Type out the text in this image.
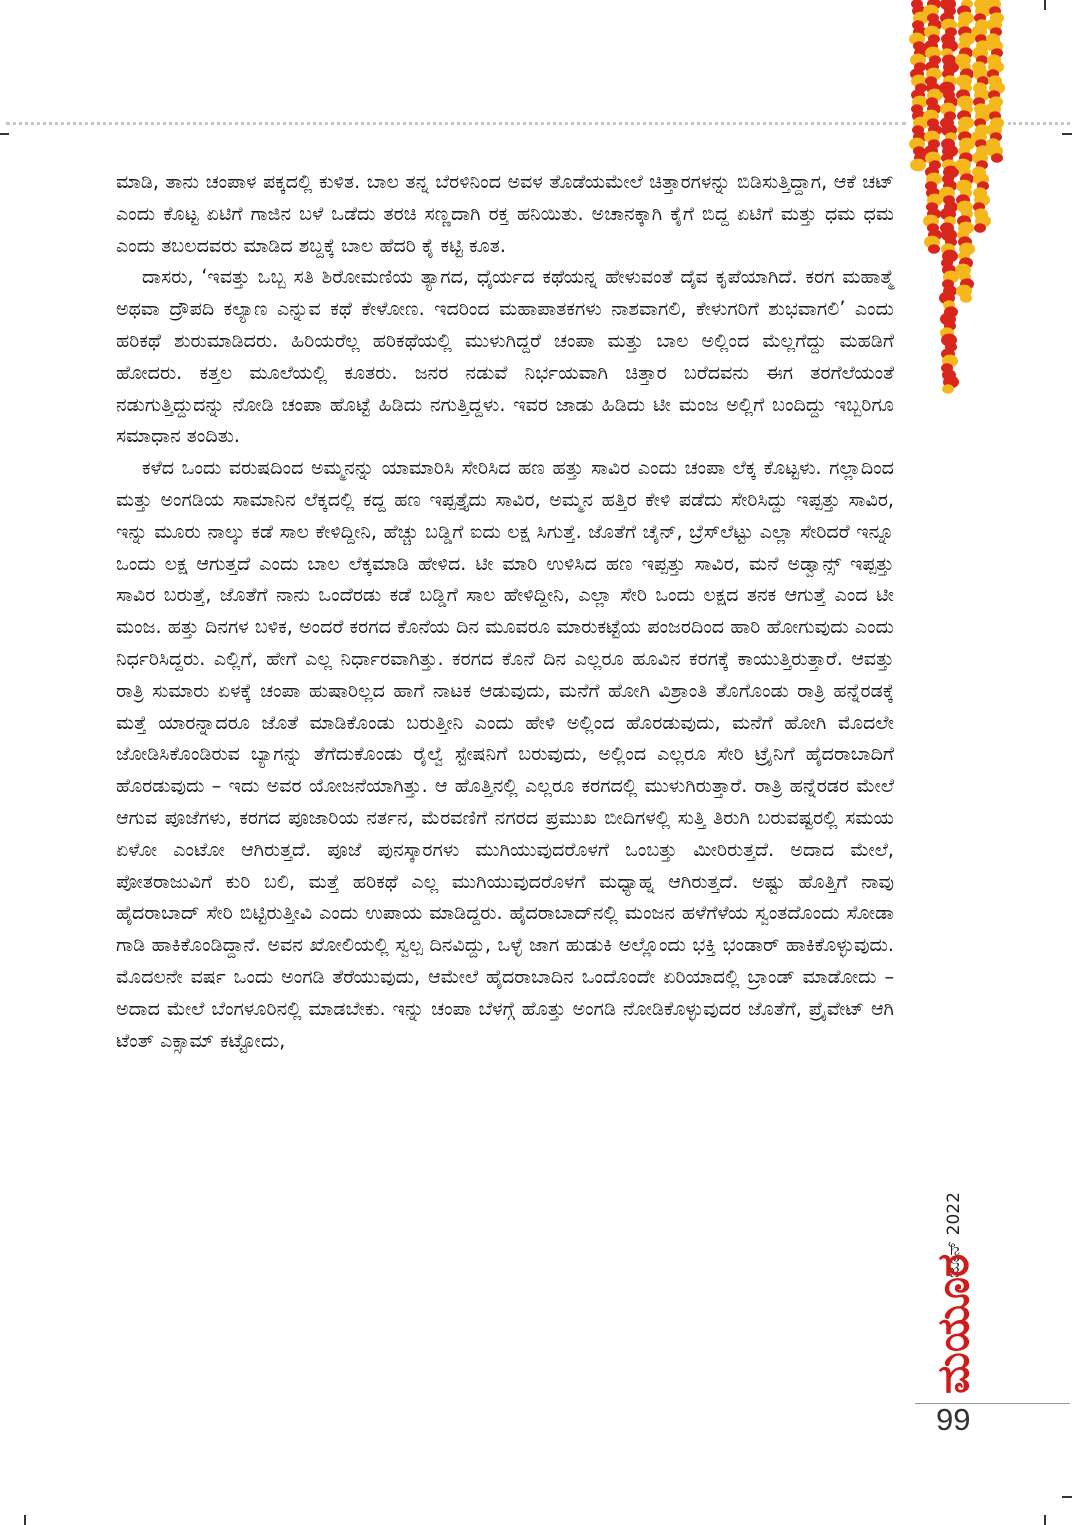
ಮಾಡಿ, ತಾನು ಚಂಪಾಳ ಪಕ್ಕದಲ್ಲಿ ಕುಳಿತ. ಬಾಲ ತನ್ನ ಬೆರಳಿನಿಂದ ಅವಳ ತೊಡೆಯಮೇಲೆ ಚಿತ್ತಾರಗಳನ್ನು ಬಿಡಿಸುತ್ತಿದ್ದಾಗ, ಆಕೆ ಚಟ್ ಎಂದು ಕೊಟ್ಟ ಏಟಿಗೆ ಗಾಜಿನ ಬಳೆ ಒಡೆದು ತರಚಿ ಸಣ್ಣದಾಗಿ ರಕ್ತ ಹನಿಯಿತು. ಅಚಾನಕ್ಕಾಗಿ ಕೈಗೆ ಬಿದ್ದ ಏಟಿಗೆ ಮತ್ತು ಧಮ ಧಮ ಎಂದು ತಬಲದವರು ಮಾಡಿದ ಶಬ್ದಕ್ಕೆ ಬಾಲ ಹೆದರಿ ಕೈ ಕಟ್ಟಿ ಕೂತ.

ದಾಸರು, ‘ಇವತ್ತು ಒಬ್ಬ ಸತಿ ಶಿರೋಮಣಿಯ ತ್ಯಾಗದ, ಧೈರ್ಯದ ಕಥೆಯನ್ನ ಹೇಳುವಂತೆ ದೈವ ಕೃಪೆಯಾಗಿದೆ. ಕರಗ ಮಹಾತ್ಮೆ ಅಥವಾ ದ್ರೌಪದಿ ಕಲ್ಯಾಣ ಎನ್ನುವ ಕಥೆ ಕೇಳೋಣ. ಇದರಿಂದ ಮಹಾಪಾತಕಗಳು ನಾಶವಾಗಲಿ, ಕೇಳುಗರಿಗೆ ಶುಭವಾಗಲಿ’ ಎಂದು ಹರಿಕಥೆ ಶುರುಮಾಡಿದರು. ಹಿರಿಯರೆಲ್ಲ ಹರಿಕಥೆಯಲ್ಲಿ ಮುಳುಗಿದ್ದರೆ ಚಂಪಾ ಮತ್ತು ಬಾಲ ಅಲ್ಲಿಂದ ಮೆಲ್ಲಗೆದ್ದು ಮಹಡಿಗೆ ಹೋದರು. ಕತ್ತಲ ಮೂಲೆಯಲ್ಲಿ ಕೂತರು. ಜನರ ನಡುವೆ ನಿರ್ಭಯವಾಗಿ ಚಿತ್ತಾರ ಬರೆದವನು ಈಗ ತರಗೆಲೆಯಂತೆ ನಡುಗುತ್ತಿದ್ದುದನ್ನು ನೋಡಿ ಚಂಪಾ ಹೊಟ್ಟೆ ಹಿಡಿದು ನಗುತ್ತಿದ್ದಳು. ಇವರ ಜಾಡು ಹಿಡಿದು ಟೀ ಮಂಜ ಅಲ್ಲಿಗೆ ಬಂದಿದ್ದು ಇಬ್ಬರಿಗೂ ಸಮಾಧಾನ ತಂದಿತು.

ಕಳೆದ ಒಂದು ವರುಷದಿಂದ ಅಮ್ಮನನ್ನು ಯಾಮಾರಿಸಿ ಸೇರಿಸಿದ ಹಣ ಹತ್ತು ಸಾವಿರ ಎಂದು ಚಂಪಾ ಲೆಕ್ಕ ಕೊಟ್ಟಳು. ಗಲ್ಲಾದಿಂದ ಮತ್ತು ಅಂಗಡಿಯ ಸಾಮಾನಿನ ಲೆಕ್ಕದಲ್ಲಿ ಕದ್ದ ಹಣ ಇಪ್ಪತ್ತೈದು ಸಾವಿರ, ಅಮ್ಮನ ಹತ್ತಿರ ಕೇಳಿ ಪಡೆದು ಸೇರಿಸಿದ್ದು ಇಪ್ಪತ್ತು ಸಾವಿರ, ಇನ್ನು ಮೂರು ನಾಲ್ಕು ಕಡೆ ಸಾಲ ಕೇಳಿದ್ದೀನಿ, ಹೆಚ್ಚು ಬಡ್ಡಿಗೆ ಐದು ಲಕ್ಷ ಸಿಗುತ್ತೆ. ಜೊತೆಗೆ ಚೈನ್, ಬ್ರೆಸ್‌ಲೆಟ್ಟು ಎಲ್ಲಾ ಸೇರಿದರೆ ಇನ್ನೂ ಒಂದು ಲಕ್ಷ ಆಗುತ್ತದೆ ಎಂದು ಬಾಲ ಲೆಕ್ಕಮಾಡಿ ಹೇಳಿದ. ಟೀ ಮಾರಿ ಉಳಿಸಿದ ಹಣ ಇಪ್ಪತ್ತು ಸಾವಿರ, ಮನೆ ಅಡ್ವಾನ್ಸ್ ಇಪ್ಪತ್ತು ಸಾವಿರ ಬರುತ್ತೆ, ಜೊತೆಗೆ ನಾನು ಒಂದೆರಡು ಕಡೆ ಬಡ್ಡಿಗೆ ಸಾಲ ಹೇಳಿದ್ದೀನಿ, ಎಲ್ಲಾ ಸೇರಿ ಒಂದು ಲಕ್ಷದ ತನಕ ಆಗುತ್ತೆ ಎಂದ ಟೀ ಮಂಜ. ಹತ್ತು ದಿನಗಳ ಬಳಿಕ, ಅಂದರೆ ಕರಗದ ಕೊನೆಯ ದಿನ ಮೂವರೂ ಮಾರುಕಟ್ಟೆಯ ಪಂಜರದಿಂದ ಹಾರಿ ಹೋಗುವುದು ಎಂದು ನಿರ್ಧರಿಸಿದ್ದರು. ಎಲ್ಲಿಗೆ, ಹೇಗೆ ಎಲ್ಲ ನಿರ್ಧಾರವಾಗಿತ್ತು. ಕರಗದ ಕೊನೆ ದಿನ ಎಲ್ಲರೂ ಹೂವಿನ ಕರಗಕ್ಕೆ ಕಾಯುತ್ತಿರುತ್ತಾರೆ. ಆವತ್ತು ರಾತ್ರಿ ಸುಮಾರು ಏಳಕ್ಕೆ ಚಂಪಾ ಹುಷಾರಿಲ್ಲದ ಹಾಗೆ ನಾಟಕ ಆಡುವುದು, ಮನೆಗೆ ಹೋಗಿ ವಿಶ್ರಾಂತಿ ತೊಗೊಂಡು ರಾತ್ರಿ ಹನ್ನೆರಡಕ್ಕೆ ಮತ್ತೆ ಯಾರನ್ನಾದರೂ ಜೊತೆ ಮಾಡಿಕೊಂಡು ಬರುತ್ತೀನಿ ಎಂದು ಹೇಳಿ ಅಲ್ಲಿಂದ ಹೊರಡುವುದು, ಮನೆಗೆ ಹೋಗಿ ಮೊದಲೇ ಜೋಡಿಸಿಕೊಂಡಿರುವ ಬ್ಯಾಗನ್ನು ತೆಗೆದುಕೊಂಡು ರೈಲ್ವೆ ಸ್ಟೇಷನಿಗೆ ಬರುವುದು, ಅಲ್ಲಿಂದ ಎಲ್ಲರೂ ಸೇರಿ ಟ್ರೈನಿಗೆ ಹೈದರಾಬಾದಿಗೆ ಹೊರಡುವುದು – ಇದು ಅವರ ಯೋಜನೆಯಾಗಿತ್ತು. ಆ ಹೊತ್ತಿನಲ್ಲಿ ಎಲ್ಲರೂ ಕರಗದಲ್ಲಿ ಮುಳುಗಿರುತ್ತಾರೆ. ರಾತ್ರಿ ಹನ್ನೆರಡರ ಮೇಲೆ ಆಗುವ ಪೂಜೆಗಳು, ಕರಗದ ಪೂಜಾರಿಯ ನರ್ತನ, ಮೆರವಣಿಗೆ ನಗರದ ಪ್ರಮುಖ ಬೀದಿಗಳಲ್ಲಿ ಸುತ್ತಿ ತಿರುಗಿ ಬರುವಷ್ಟರಲ್ಲಿ ಸಮಯ ಏಳೋ ಎಂಟೋ ಆಗಿರುತ್ತದೆ. ಪೂಜೆ ಪುನಸ್ಕಾರಗಳು ಮುಗಿಯುವುದರೊಳಗೆ ಒಂಬತ್ತು ಮೀರಿರುತ್ತದೆ. ಅದಾದ ಮೇಲೆ, ಪೋತರಾಜುವಿಗೆ ಕುರಿ ಬಲಿ, ಮತ್ತೆ ಹರಿಕಥೆ ಎಲ್ಲ ಮುಗಿಯುವುದರೊಳಗೆ ಮಧ್ಯಾಹ್ನ ಆಗಿರುತ್ತದೆ. ಅಷ್ಟು ಹೊತ್ತಿಗೆ ನಾವು ಹೈದರಾಬಾದ್ ಸೇರಿ ಬಿಟ್ಟಿರುತ್ತೀವಿ ಎಂದು ಉಪಾಯ ಮಾಡಿದ್ದರು. ಹೈದರಾಬಾದ್‌ನಲ್ಲಿ ಮಂಜನ ಹಳೆಗೆಳೆಯ ಸ್ವಂತದೊಂದು ಸೋಡಾ ಗಾಡಿ ಹಾಕಿಕೊಂಡಿದ್ದಾನೆ. ಅವನ ಖೋಲಿಯಲ್ಲಿ ಸ್ವಲ್ಪ ದಿನವಿದ್ದು, ಒಳ್ಳೆ ಜಾಗ ಹುಡುಕಿ ಅಲ್ಲೊಂದು ಭಕ್ತಿ ಭಂಡಾರ್ ಹಾಕಿಕೊಳ್ಳುವುದು. ಮೊದಲನೇ ವರ್ಷ ಒಂದು ಅಂಗಡಿ ತೆರೆಯುವುದು, ಆಮೇಲೆ ಹೈದರಾಬಾದಿನ ಒಂದೊಂದೇ ಏರಿಯಾದಲ್ಲಿ ಬ್ರಾಂಡ್ ಮಾಡೋದು – ಅದಾದ ಮೇಲೆ ಬೆಂಗಳೂರಿನಲ್ಲಿ ಮಾಡಬೇಕು. ಇನ್ನು ಚಂಪಾ ಬೆಳಗ್ಗೆ ಹೊತ್ತು ಅಂಗಡಿ ನೋಡಿಕೊಳ್ಳುವುದರ ಜೊತೆಗೆ, ಪ್ರೈವೇಟ್ ಆಗಿ ಟೆಂತ್ ಎಕ್ಸಾಮ್ ಕಟ್ಟೋದು,

ಜೂನ್ 2022
ಮಯೂರ
99
